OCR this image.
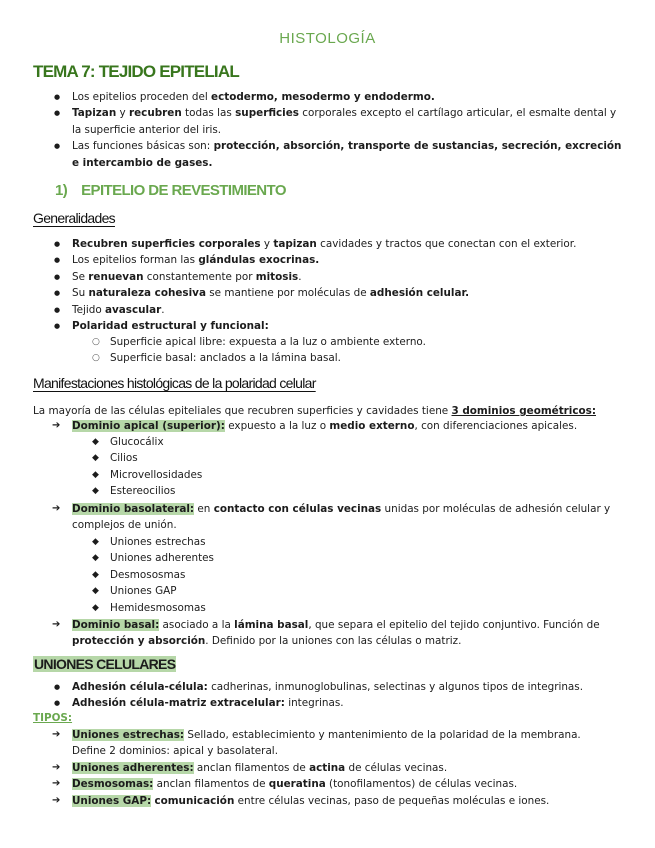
HISTOLOGÍA
TEMA 7: TEJIDO EPITELIAL
● Los epitelios proceden del ectodermo, mesodermo y endodermo.
● Tapizan y recubren todas las superficies corporales excepto el cartílago articular, el esmalte dental y la superficie anterior del iris.
● Las funciones básicas son: protección, absorción, transporte de sustancias, secreción, excreción e intercambio de gases.
1) EPITELIO DE REVESTIMIENTO
Generalidades
● Recubren superficies corporales y tapizan cavidades y tractos que conectan con el exterior.
● Los epitelios forman las glándulas exocrinas.
● Se renuevan constantemente por mitosis.
● Su naturaleza cohesiva se mantiene por moléculas de adhesión celular.
● Tejido avascular.
● Polaridad estructural y funcional:
○ Superficie apical libre: expuesta a la luz o ambiente externo.
○ Superficie basal: anclados a la lámina basal.
Manifestaciones histológicas de la polaridad celular
La mayoría de las células epiteliales que recubren superficies y cavidades tiene 3 dominios geométricos:
➔ Dominio apical (superior): expuesto a la luz o medio externo, con diferenciaciones apicales.
◆ Glucocálix
◆ Cilios
◆ Microvellosidades
◆ Estereocilios
➔ Dominio basolateral: en contacto con células vecinas unidas por moléculas de adhesión celular y complejos de unión.
◆ Uniones estrechas
◆ Uniones adherentes
◆ Desmososmas
◆ Uniones GAP
◆ Hemidesmosomas
➔ Dominio basal: asociado a la lámina basal, que separa el epitelio del tejido conjuntivo. Función de protección y absorción. Definido por la uniones con las células o matriz.
UNIONES CELULARES
● Adhesión célula-célula: cadherinas, inmunoglobulinas, selectinas y algunos tipos de integrinas.
● Adhesión célula-matriz extracelular: integrinas.
TIPOS:
➔ Uniones estrechas: Sellado, establecimiento y mantenimiento de la polaridad de la membrana. Define 2 dominios: apical y basolateral.
➔ Uniones adherentes: anclan filamentos de actina de células vecinas.
➔ Desmosomas: anclan filamentos de queratina (tonofilamentos) de células vecinas.
➔ Uniones GAP: comunicación entre células vecinas, paso de pequeñas moléculas e iones.
